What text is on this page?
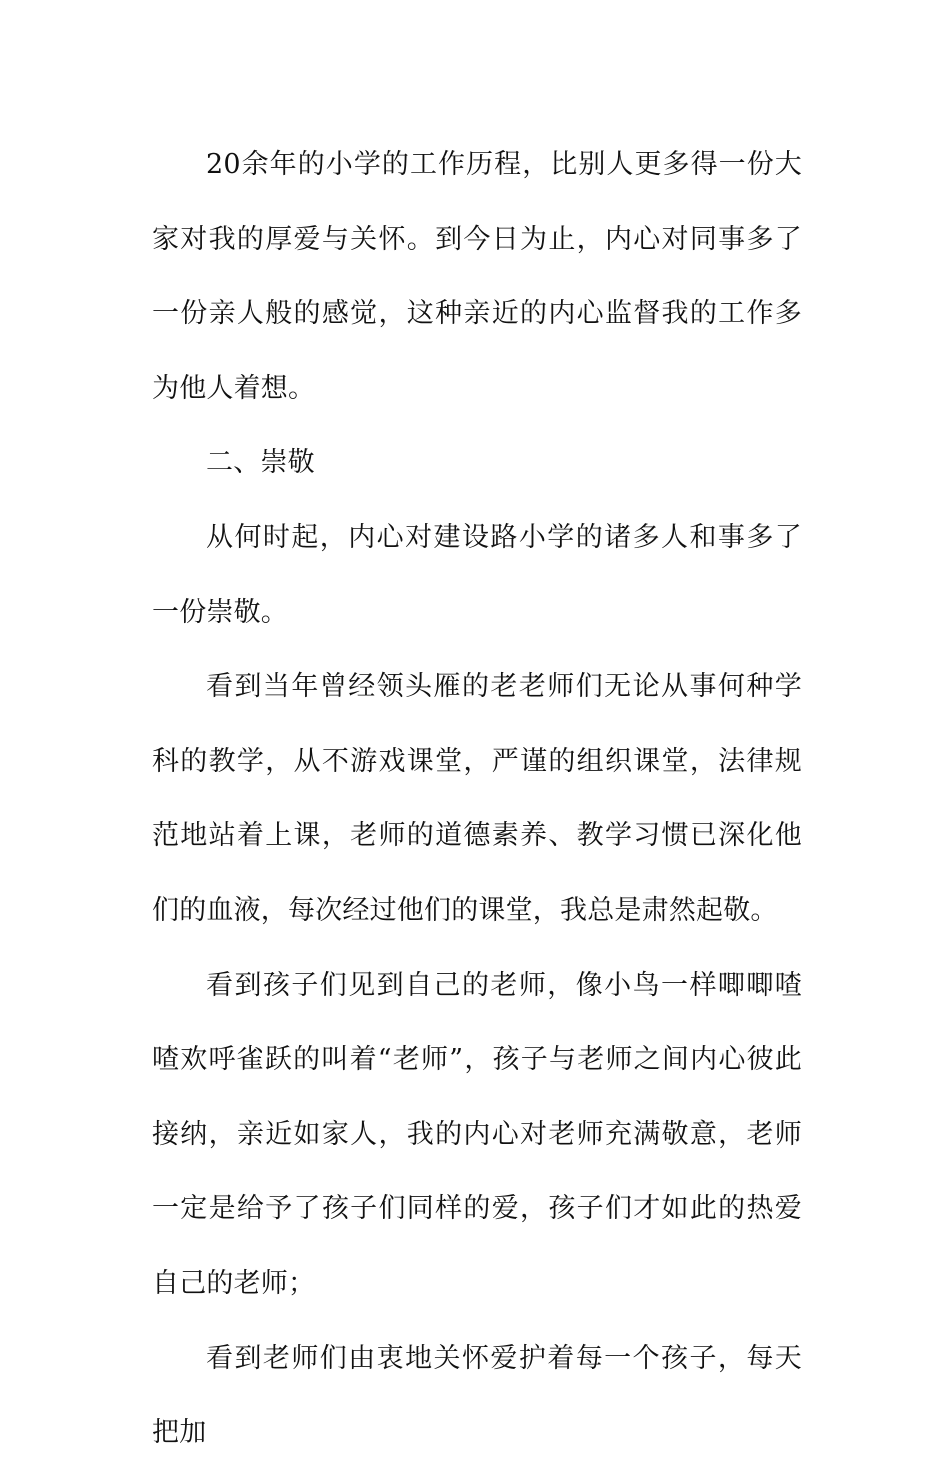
20余年的小学的工作历程，比别人更多得一份大家对我的厚爱与关怀。到今日为止，内心对同事多了一份亲人般的感觉，这种亲近的内心监督我的工作多为他人着想。

二、崇敬

从何时起，内心对建设路小学的诸多人和事多了一份崇敬。

看到当年曾经领头雁的老老师们无论从事何种学科的教学，从不游戏课堂，严谨的组织课堂，法律规范地站着上课，老师的道德素养、教学习惯已深化他们的血液，每次经过他们的课堂，我总是肃然起敬。

看到孩子们见到自己的老师，像小鸟一样唧唧喳喳欢呼雀跃的叫着“老师”，孩子与老师之间内心彼此接纳，亲近如家人，我的内心对老师充满敬意，老师一定是给予了孩子们同样的爱，孩子们才如此的热爱自己的老师；

看到老师们由衷地关怀爱护着每一个孩子，每天把加
